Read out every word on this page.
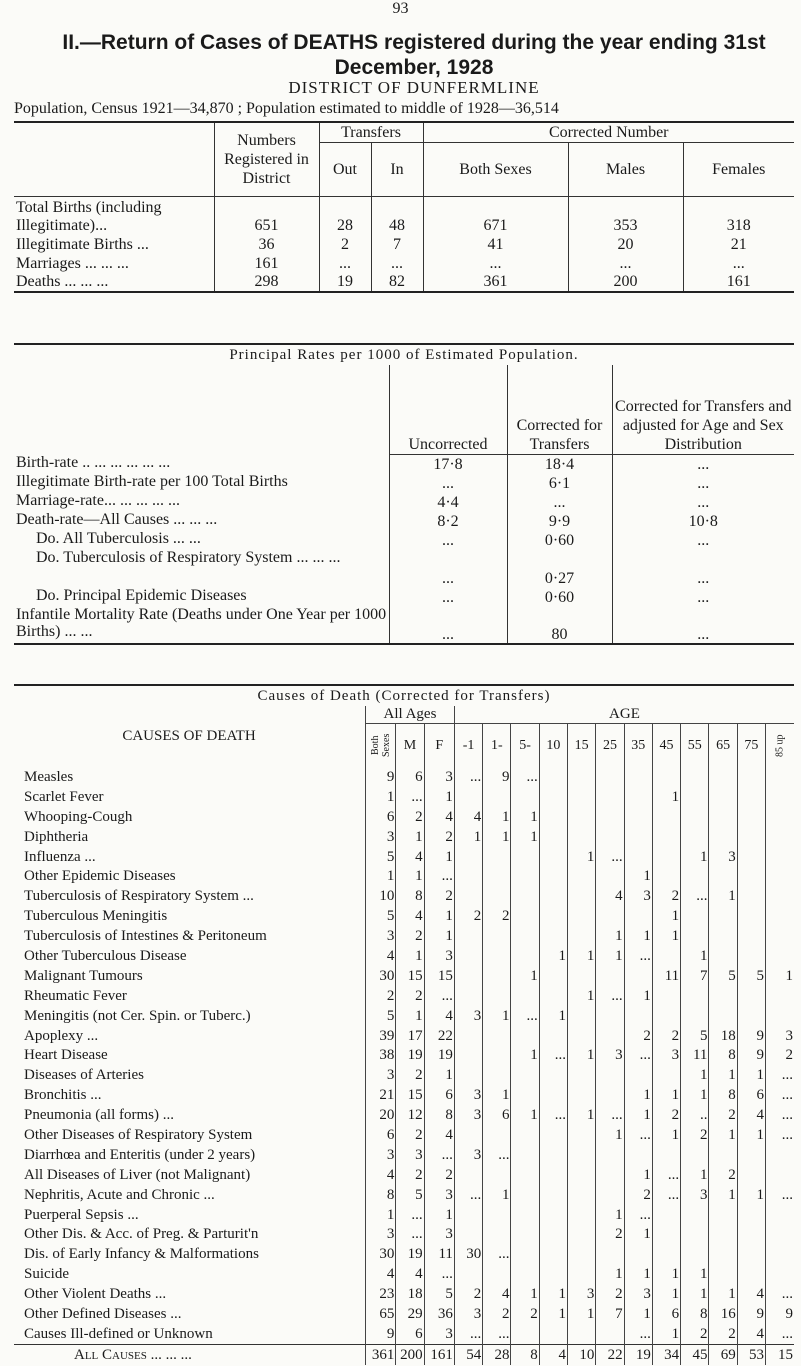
93
II.—Return of Cases of DEATHS registered during the year ending 31st December, 1928
DISTRICT OF DUNFERMLINE
Population, Census 1921—34,870 ; Population estimated to middle of 1928—36,514
	Numbers Registered in District	Transfers		Corrected Number		
		Out	In	Both Sexes	Males	Females
Total Births (including Illegitimate)...	651	28	48	671	353	318
Illegitimate Births ...	36	2	7	41	20	21
Marriages ... ... ...	161	...	...	...	...	...
Deaths ... ... ...	298	19	82	361	200	161
Principal Rates per 1000 of Estimated Population.
	Uncorrected	Corrected for Transfers	Corrected for Transfers and adjusted for Age and Sex Distribution
Birth-rate .. ... ... ... ... ...	17·8	18·4	...
Illegitimate Birth-rate per 100 Total Births	...	6·1	...
Marriage-rate... ... ... ... ...	4·4	...	...
Death-rate—All Causes ... ... ...	8·2	9·9	10·8
Do. All Tuberculosis ... ...	...	0·60	...
Do. Tuberculosis of Respiratory System ... ... ...	...	0·27	...
Do. Principal Epidemic Diseases	...	0·60	...
Infantile Mortality Rate (Deaths under One Year per 1000 Births) ... ...	...	80	...
Causes of Death (Corrected for Transfers)
CAUSES OF DEATH	All Ages			AGE											
	Both Sexes	M	F	-1	1-	5-	10	15	25	35	45	55	65	75	85 up
Measles	9	6	3	...	9	...									
Scarlet Fever	1	...	1								1				
Whooping-Cough	6	2	4	4	1	1									
Diphtheria	3	1	2	1	1	1									
Influenza ...	5	4	1					1	...			1	3		
Other Epidemic Diseases	1	1	...							1					
Tuberculosis of Respiratory System ...	10	8	2						4	3	2	...	1		
Tuberculous Meningitis	5	4	1	2	2						1				
Tuberculosis of Intestines & Peritoneum	3	2	1						1	1	1				
Other Tuberculous Disease	4	1	3				1	1	1	...		1			
Malignant Tumours	30	15	15			1					11	7	5	5	1
Rheumatic Fever	2	2	...					1	...	1					
Meningitis (not Cer. Spin. or Tuberc.)	5	1	4	3	1	...	1								
Apoplexy ...	39	17	22							2	2	5	18	9	3
Heart Disease	38	19	19			1	...	1	3	...	3	11	8	9	2
Diseases of Arteries	3	2	1									1	1	1	...
Bronchitis ...	21	15	6	3	1					1	1	1	8	6	...
Pneumonia (all forms) ...	20	12	8	3	6	1	...	1	...	1	2	..	2	4	...
Other Diseases of Respiratory System	6	2	4						1	...	1	2	1	1	...
Diarrhœa and Enteritis (under 2 years)	3	3	...	3	...										
All Diseases of Liver (not Malignant)	4	2	2							1	...	1	2		
Nephritis, Acute and Chronic ...	8	5	3	...	1					2	...	3	1	1	...
Puerperal Sepsis ...	1	...	1						1	...					
Other Dis. & Acc. of Preg. & Parturit'n	3	...	3						2	1					
Dis. of Early Infancy & Malformations	30	19	11	30	...										
Suicide	4	4	...						1	1	1	1			
Other Violent Deaths ...	23	18	5	2	4	1	1	3	2	3	1	1	1	4	...
Other Defined Diseases ...	65	29	36	3	2	2	1	1	7	1	6	8	16	9	9
Causes Ill-defined or Unknown	9	6	3	...	...					...	1	2	2	4	...
All Causes ... ... ...	361	200	161	54	28	8	4	10	22	19	34	45	69	53	15
